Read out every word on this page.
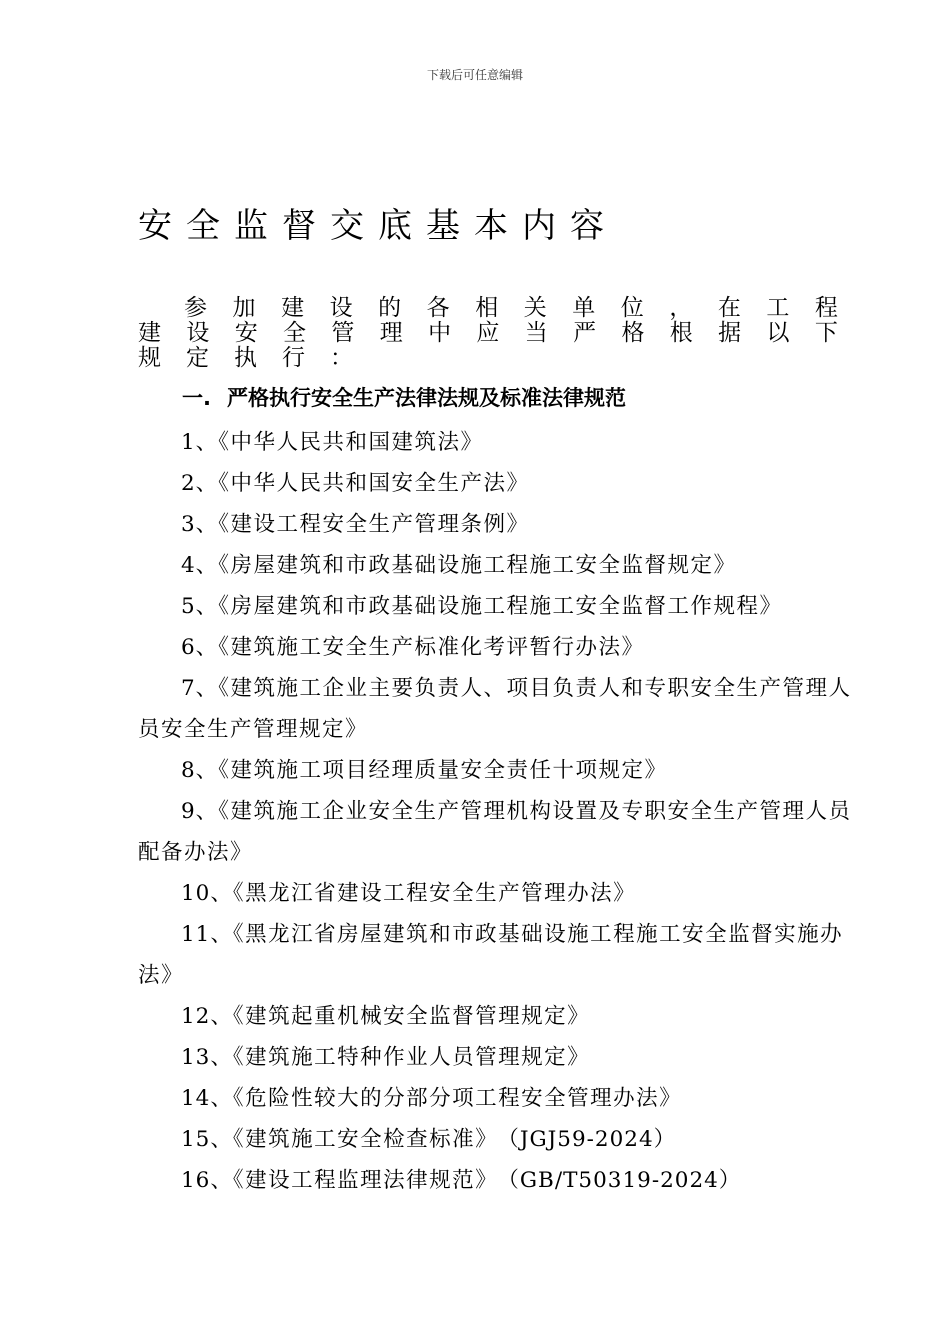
下载后可任意编辑
安全监督交底基本内容
参 加 建 设 的 各 相 关 单 位 ， 在 工 程
建 设 安 全 管 理 中 应 当 严 格 根 据 以 下
规 定 执 行 ：
一. 严格执行安全生产法律法规及标准法律规范

1、《中华人民共和国建筑法》

2、《中华人民共和国安全生产法》

3、《建设工程安全生产管理条例》

4、《房屋建筑和市政基础设施工程施工安全监督规定》

5、《房屋建筑和市政基础设施工程施工安全监督工作规程》

6、《建筑施工安全生产标准化考评暂行办法》

7、《建筑施工企业主要负责人、项目负责人和专职安全生产管理人员安全生产管理规定》

8、《建筑施工项目经理质量安全责任十项规定》

9、《建筑施工企业安全生产管理机构设置及专职安全生产管理人员配备办法》

10、《黑龙江省建设工程安全生产管理办法》

11、《黑龙江省房屋建筑和市政基础设施工程施工安全监督实施办法》

12、《建筑起重机械安全监督管理规定》

13、《建筑施工特种作业人员管理规定》

14、《危险性较大的分部分项工程安全管理办法》

15、《建筑施工安全检查标准》 （JGJ59-2024）

16、《建设工程监理法律规范》 （GB/T50319-2024）
